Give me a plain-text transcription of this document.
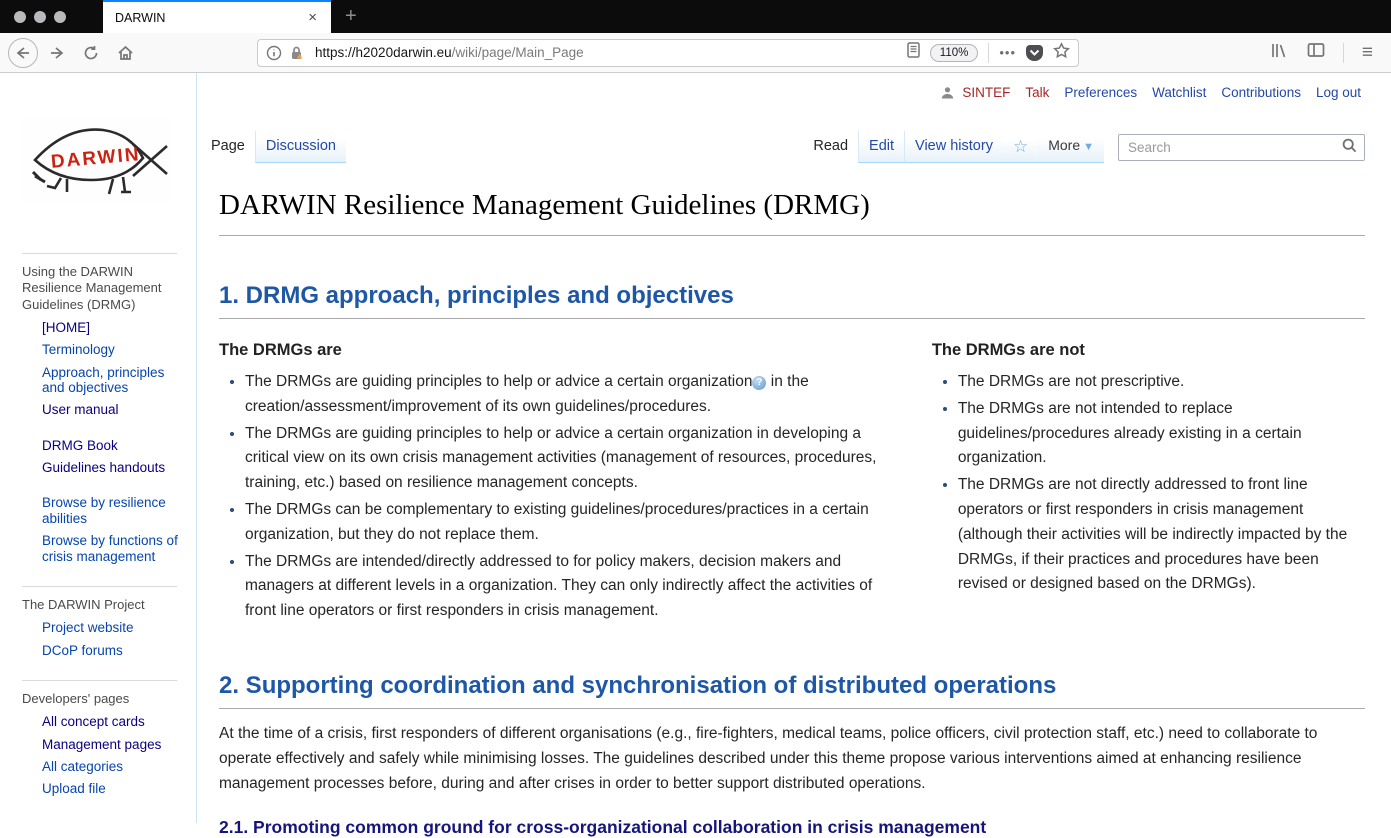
DARWIN	×	+
https://h2020darwin.eu/wiki/page/Main_Page	110%	•••	≡
SINTEF Talk Preferences Watchlist Contributions Log out
DARWIN
Using the DARWIN Resilience Management Guidelines (DRMG)
[HOME]
Terminology
Approach, principles and objectives
User manual
DRMG Book
Guidelines handouts
Browse by resilience abilities
Browse by functions of crisis management
The DARWIN Project
Project website
DCoP forums
Developers' pages
All concept cards
Management pages
All categories
Upload file
Page	Discussion	Read	Edit	View history	☆	More ▼
Search
DARWIN Resilience Management Guidelines (DRMG)
1. DRMG approach, principles and objectives
The DRMGs are
• The DRMGs are guiding principles to help or advice a certain organization ? in the creation/assessment/improvement of its own guidelines/procedures.
• The DRMGs are guiding principles to help or advice a certain organization in developing a critical view on its own crisis management activities (management of resources, procedures, training, etc.) based on resilience management concepts.
• The DRMGs can be complementary to existing guidelines/procedures/practices in a certain organization, but they do not replace them.
• The DRMGs are intended/directly addressed to for policy makers, decision makers and managers at different levels in a organization. They can only indirectly affect the activities of front line operators or first responders in crisis management.
The DRMGs are not
• The DRMGs are not prescriptive.
• The DRMGs are not intended to replace guidelines/procedures already existing in a certain organization.
• The DRMGs are not directly addressed to front line operators or first responders in crisis management (although their activities will be indirectly impacted by the DRMGs, if their practices and procedures have been revised or designed based on the DRMGs).
2. Supporting coordination and synchronisation of distributed operations

At the time of a crisis, first responders of different organisations (e.g., fire-fighters, medical teams, police officers, civil protection staff, etc.) need to collaborate to operate effectively and safely while minimising losses. The guidelines described under this theme propose various interventions aimed at enhancing resilience management processes before, during and after crises in order to better support distributed operations.

2.1. Promoting common ground for cross-organizational collaboration in crisis management
